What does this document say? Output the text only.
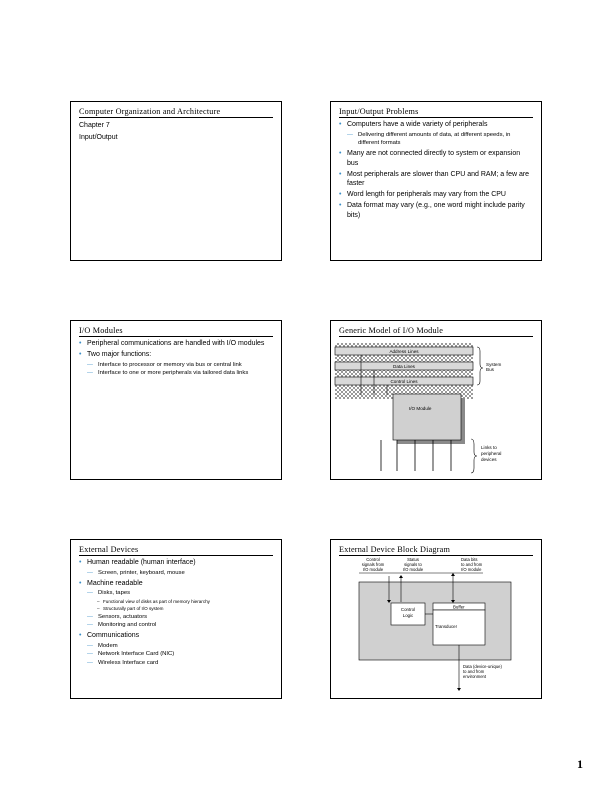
Computer Organization and Architecture
Chapter 7
Input/Output
Input/Output Problems
• Computers have a wide variety of peripherals
— Delivering different amounts of data, at different speeds, in different formats
• Many are not connected directly to system or expansion bus
• Most peripherals are slower than CPU and RAM; a few are faster
• Word length for peripherals may vary from the CPU
• Data format may vary (e.g., one word might include parity bits)
I/O Modules
• Peripheral communications are handled with I/O modules
• Two major functions:
— Interface to processor or memory via bus or central link
— Interface to one or more peripherals via tailored data links
Generic Model of I/O Module
Address Lines
Data Lines
Control Lines
System
Bus
I/O Module
Links to
peripheral
devices
External Devices
• Human readable (human interface)
— Screen, printer, keyboard, mouse
• Machine readable
— Disks, tapes
– Functional view of disks as part of memory hierarchy
– Structurally part of I/O system
— Sensors, actuators
— Monitoring and control
• Communications
— Modem
— Network Interface Card (NIC)
— Wireless Interface card
External Device Block Diagram
Control
signals from
I/O module
Status
signals to
I/O module
Data bits
to and from
I/O module
Control
Logic
Buffer
Transducer
Data (device-unique)
to and from
environment
1
